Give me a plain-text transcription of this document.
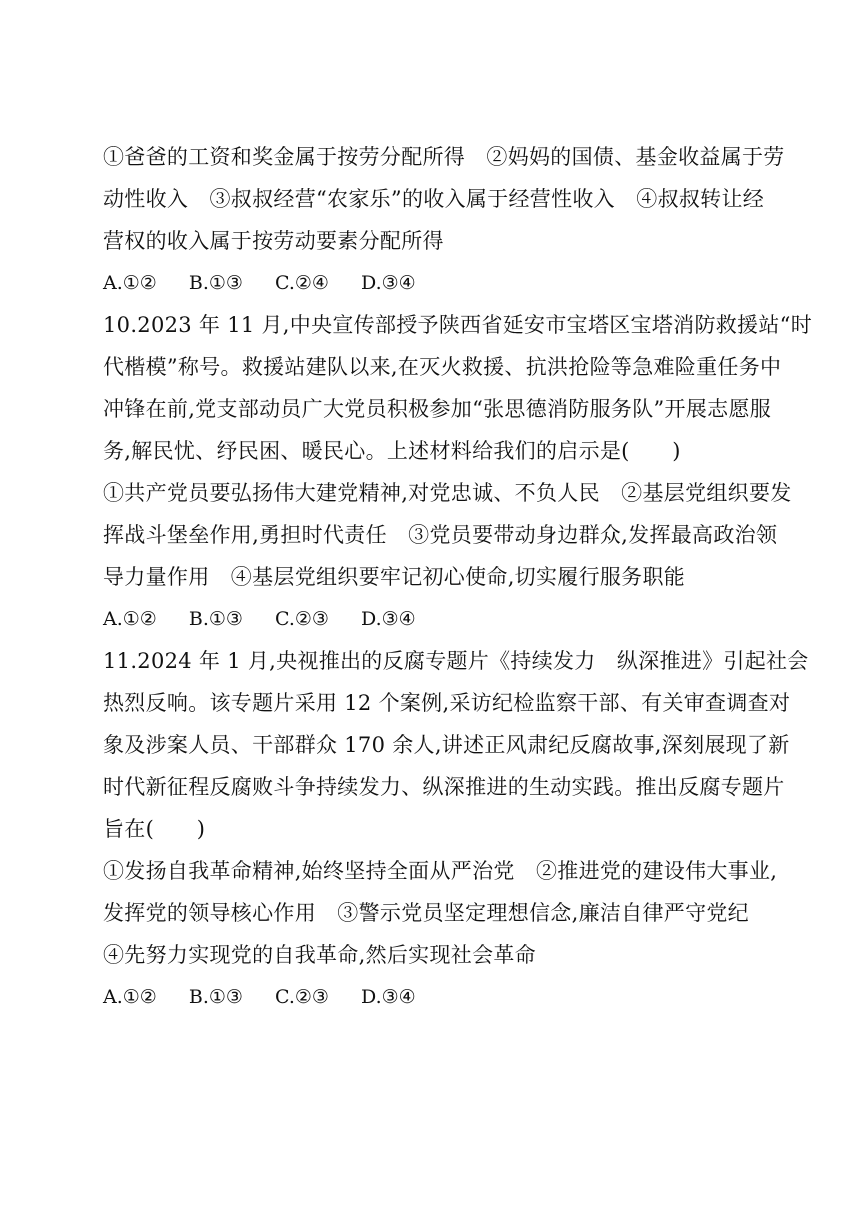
①爸爸的工资和奖金属于按劳分配所得　②妈妈的国债、基金收益属于劳
动性收入　③叔叔经营“农家乐”的收入属于经营性收入　④叔叔转让经
营权的收入属于按劳动要素分配所得
A.①② B.①③ C.②④ D.③④
10.2023 年 11 月,中央宣传部授予陕西省延安市宝塔区宝塔消防救援站“时
代楷模”称号。救援站建队以来,在灭火救援、抗洪抢险等急难险重任务中
冲锋在前,党支部动员广大党员积极参加“张思德消防服务队”开展志愿服
务,解民忧、纾民困、暖民心。上述材料给我们的启示是(　　)
①共产党员要弘扬伟大建党精神,对党忠诚、不负人民　②基层党组织要发
挥战斗堡垒作用,勇担时代责任　③党员要带动身边群众,发挥最高政治领
导力量作用　④基层党组织要牢记初心使命,切实履行服务职能
A.①② B.①③ C.②③ D.③④
11.2024 年 1 月,央视推出的反腐专题片《持续发力　纵深推进》引起社会
热烈反响。该专题片采用 12 个案例,采访纪检监察干部、有关审查调查对
象及涉案人员、干部群众 170 余人,讲述正风肃纪反腐故事,深刻展现了新
时代新征程反腐败斗争持续发力、纵深推进的生动实践。推出反腐专题片
旨在(　　)
①发扬自我革命精神,始终坚持全面从严治党　②推进党的建设伟大事业,
发挥党的领导核心作用　③警示党员坚定理想信念,廉洁自律严守党纪
④先努力实现党的自我革命,然后实现社会革命
A.①② B.①③ C.②③ D.③④
